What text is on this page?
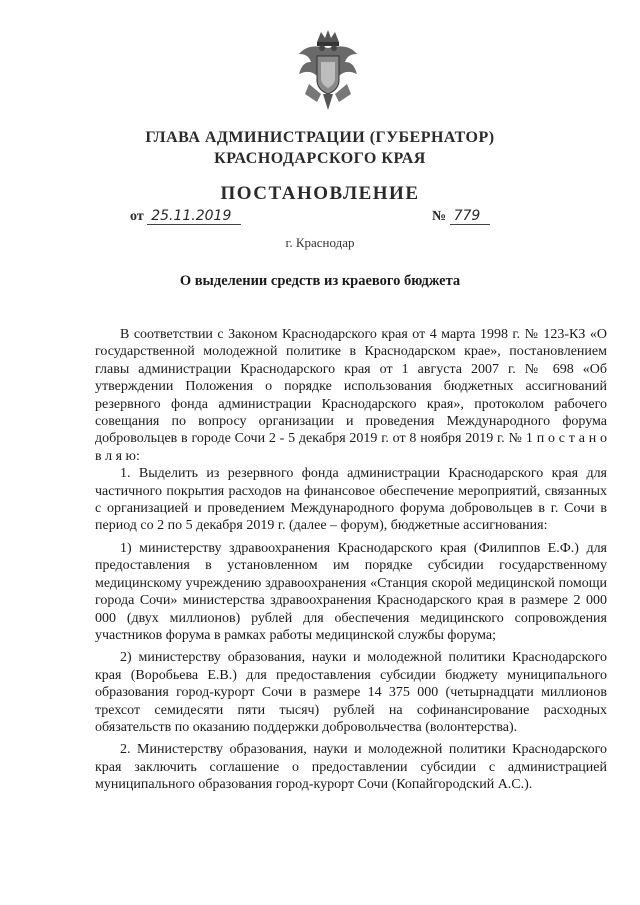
ГЛАВА АДМИНИСТРАЦИИ (ГУБЕРНАТОР)
КРАСНОДАРСКОГО КРАЯ
ПОСТАНОВЛЕНИЕ
от 25.11.2019	№ 779
г. Краснодар
О выделении средств из краевого бюджета

В соответствии с Законом Краснодарского края от 4 марта 1998 г. № 123-КЗ «О государственной молодежной политике в Краснодарском крае», постановлением главы администрации Краснодарского края от 1 августа 2007 г. № 698 «Об утверждении Положения о порядке использования бюджетных ассигнований резервного фонда администрации Краснодарского края», протоколом рабочего совещания по вопросу организации и проведения Международного форума добровольцев в городе Сочи 2 - 5 декабря 2019 г. от 8 ноября 2019 г. № 1 п о с т а н о в л я ю:

1. Выделить из резервного фонда администрации Краснодарского края для частичного покрытия расходов на финансовое обеспечение мероприятий, связанных с организацией и проведением Международного форума добровольцев в г. Сочи в период со 2 по 5 декабря 2019 г. (далее – форум), бюджетные ассигнования:

1) министерству здравоохранения Краснодарского края (Филиппов Е.Ф.) для предоставления в установленном им порядке субсидии государственному медицинскому учреждению здравоохранения «Станция скорой медицинской помощи города Сочи» министерства здравоохранения Краснодарского края в размере 2 000 000 (двух миллионов) рублей для обеспечения медицинского сопровождения участников форума в рамках работы медицинской службы форума;

2) министерству образования, науки и молодежной политики Краснодарского края (Воробьева Е.В.) для предоставления субсидии бюджету муниципального образования город-курорт Сочи в размере 14 375 000 (четырнадцати миллионов трехсот семидесяти пяти тысяч) рублей на софинансирование расходных обязательств по оказанию поддержки добровольчества (волонтерства).

2. Министерству образования, науки и молодежной политики Краснодарского края заключить соглашение о предоставлении субсидии с администрацией муниципального образования город-курорт Сочи (Копайгородский А.С.).
